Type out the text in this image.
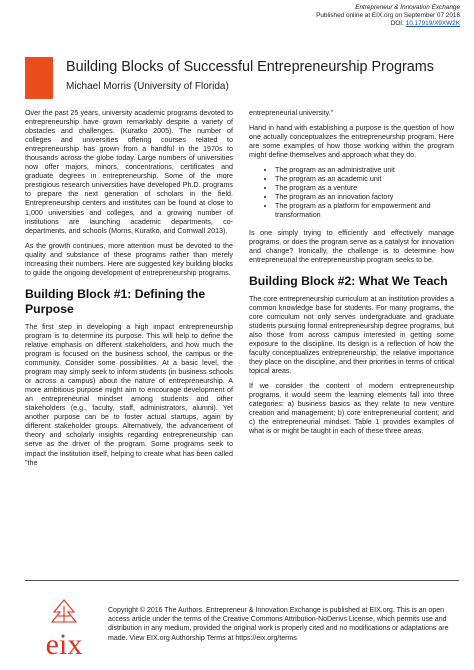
Entrepreneur & Innovation Exchange
Published online at EIX.org on September 07 2016
DOI: 10.17919/X9XW2K
Building Blocks of Successful Entrepreneurship Programs
Michael Morris (University of Florida)

Over the past 25 years, university academic programs devoted to entrepreneurship have grown remarkably despite a variety of obstacles and challenges. (Kuratko 2005). The number of colleges and universities offering courses related to entrepreneurship has grown from a handful in the 1970s to thousands across the globe today. Large numbers of universities now offer majors, minors, concentrations, certificates and graduate degrees in entrepreneurship. Some of the more prestigious research universities have developed Ph.D. programs to prepare the next generation of scholars in the field. Entrepreneurship centers and institutes can be found at close to 1,000 universities and colleges, and a growing number of institutions are launching academic departments, co-departments, and schools (Morris, Kuratko, and Cornwall 2013).

As the growth continues, more attention must be devoted to the quality and substance of these programs rather than merely increasing their numbers. Here are suggested key building blocks to guide the ongoing development of entrepreneurship programs.

Building Block #1: Defining the Purpose

The first step in developing a high impact entrepreneurship program is to determine its purpose. This will help to define the relative emphasis on different stakeholders, and how much the program is focused on the business school, the campus or the community. Consider some possibilities. At a basic level, the program may simply seek to inform students (in business schools or across a campus) about the nature of entrepreneurship. A more ambitious purpose might aim to encourage development of an entrepreneurial mindset among students and other stakeholders (e.g., faculty, staff, administrators, alumni). Yet another purpose can be to foster actual startups, again by different stakeholder groups. Alternatively, the advancement of theory and scholarly insights regarding entrepreneurship can serve as the driver of the program. Some programs seek to impact the institution itself, helping to create what has been called "the

entrepreneurial university."

Hand in hand with establishing a purpose is the question of how one actually conceptualizes the entrepreneurship program. Here are some examples of how those working within the program might define themselves and approach what they do.

• The program as an administrative unit
• The program as an academic unit
• The program as a venture
• The program as an innovation factory
• The program as a platform for empowerment and transformation

Is one simply trying to efficiently and effectively manage programs, or does the program serve as a catalyst for innovation and change? Ironically, the challenge is to determine how entrepreneurial the entrepreneurship program seeks to be.

Building Block #2: What We Teach

The core entrepreneurship curriculum at an institution provides a common knowledge base for students. For many programs, the core curriculum not only serves undergraduate and graduate students pursuing formal entrepreneurship degree programs, but also those from across campus interested in getting some exposure to the discipline. Its design is a reflection of how the faculty conceptualizes entrepreneurship, the relative importance they place on the discipline, and their priorities in terms of critical topical areas.

If we consider the content of modern entrepreneurship programs, it would seem the learning elements fall into three categories: a) business basics as they relate to new venture creation and management; b) core entrepreneurial content; and c) the entrepreneurial mindset. Table 1 provides examples of what is or might be taught in each of these three areas.

eix
Copyright © 2016 The Authors. Entrepreneur & Innovation Exchange is published at EIX.org. This is an open access article under the terms of the Creative Commons Attribution-NoDerivs License, which permits use and distribution in any medium, provided the original work is properly cited and no modifications or adaptations are made. View EIX.org Authorship Terms at https://eix.org/terms
